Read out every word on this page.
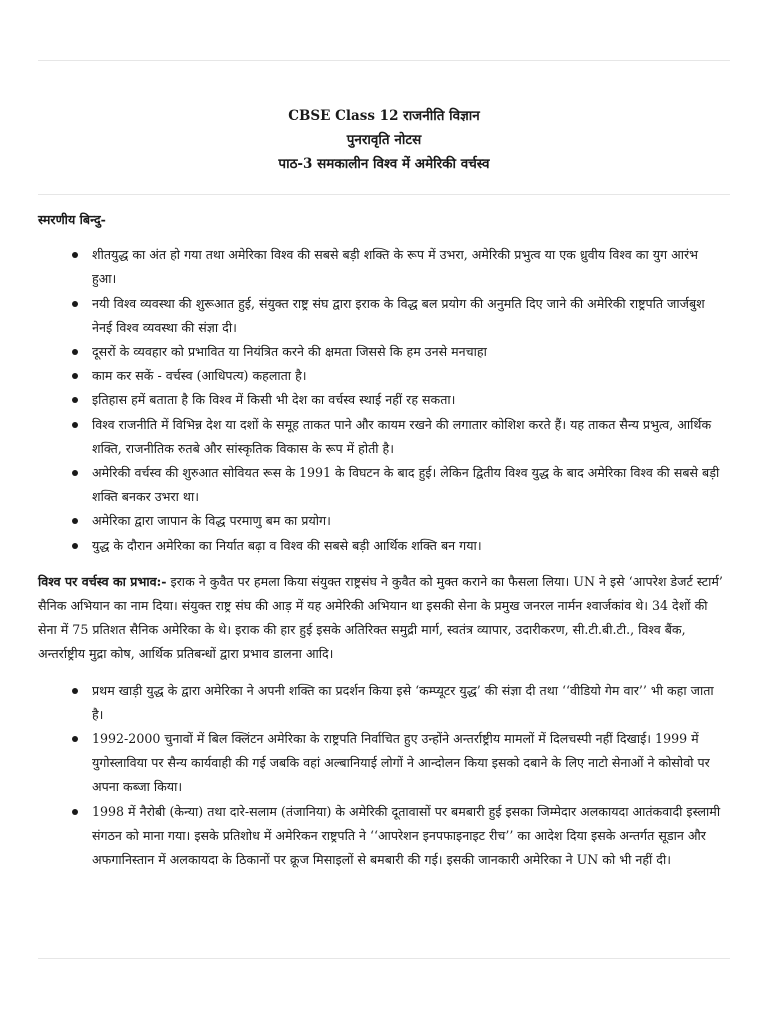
CBSE Class 12 राजनीति विज्ञान
पुनरावृति नोटस
पाठ-3 समकालीन विश्व में अमेरिकी वर्चस्व
स्मरणीय बिन्दु-
शीतयुद्ध का अंत हो गया तथा अमेरिका विश्व की सबसे बड़ी शक्ति के रूप में उभरा, अमेरिकी प्रभुत्व या एक ध्रुवीय विश्व का युग आरंभ हुआ।
नयी विश्व व्यवस्था की शुरूआत हुई, संयुक्त राष्ट्र संघ द्वारा इराक के विद्ध बल प्रयोग की अनुमति दिए जाने की अमेरिकी राष्ट्रपति जार्जबुश नेनई विश्व व्यवस्था की संज्ञा दी।
दूसरों के व्यवहार को प्रभावित या नियंत्रित करने की क्षमता जिससे कि हम उनसे मनचाहा
काम कर सकें - वर्चस्व (आधिपत्य) कहलाता है।
इतिहास हमें बताता है कि विश्व में किसी भी देश का वर्चस्व स्थाई नहीं रह सकता।
विश्व राजनीति में विभिन्न देश या दशों के समूह ताकत पाने और कायम रखने की लगातार कोशिश करते हैं। यह ताकत सैन्य प्रभुत्व, आर्थिक शक्ति, राजनीतिक रुतबे और सांस्कृतिक विकास के रूप में होती है।
अमेरिकी वर्चस्व की शुरुआत सोवियत रूस के 1991 के विघटन के बाद हुई। लेकिन द्वितीय विश्व युद्ध के बाद अमेरिका विश्व की सबसे बड़ी शक्ति बनकर उभरा था।
अमेरिका द्वारा जापान के विद्ध परमाणु बम का प्रयोग।
युद्ध के दौरान अमेरिका का निर्यात बढ़ा व विश्व की सबसे बड़ी आर्थिक शक्ति बन गया।

विश्व पर वर्चस्व का प्रभाव:- इराक ने कुवैत पर हमला किया संयुक्त राष्ट्रसंघ ने कुवैत को मुक्त कराने का फैसला लिया। UN ने इसे ‘आपरेश डेजर्ट स्टार्म’ सैनिक अभियान का नाम दिया। संयुक्त राष्ट्र संघ की आड़ में यह अमेरिकी अभियान था इसकी सेना के प्रमुख जनरल नार्मन श्वार्जकांव थे। 34 देशों की सेना में 75 प्रतिशत सैनिक अमेरिका के थे। इराक की हार हुई इसके अतिरिक्त समुद्री मार्ग, स्वतंत्र व्यापार, उदारीकरण, सी.टी.बी.टी., विश्व बैंक, अन्तर्राष्ट्रीय मुद्रा कोष, आर्थिक प्रतिबन्धों द्वारा प्रभाव डालना आदि।

प्रथम खाड़ी युद्ध के द्वारा अमेरिका ने अपनी शक्ति का प्रदर्शन किया इसे ‘कम्प्यूटर युद्ध’ की संज्ञा दी तथा ‘‘वीडियो गेम वार’’ भी कहा जाता है।
1992-2000 चुनावों में बिल क्लिंटन अमेरिका के राष्ट्रपति निर्वाचित हुए उन्होंने अन्तर्राष्ट्रीय मामलों में दिलचस्पी नहीं दिखाई। 1999 में युगोस्लाविया पर सैन्य कार्यवाही की गई जबकि वहां अल्बानियाई लोगों ने आन्दोलन किया इसको दबाने के लिए नाटो सेनाओं ने कोसोवो पर अपना कब्जा किया।
1998 में नैरोबी (केन्या) तथा दारे-सलाम (तंजानिया) के अमेरिकी दूतावासों पर बमबारी हुई इसका जिम्मेदार अलकायदा आतंकवादी इस्लामी संगठन को माना गया। इसके प्रतिशोध में अमेरिकन राष्ट्रपति ने ‘‘आपरेशन इनपफाइनाइट रीच’’ का आदेश दिया इसके अन्तर्गत सूडान और अफगानिस्तान में अलकायदा के ठिकानों पर क्रूज मिसाइलों से बमबारी की गई। इसकी जानकारी अमेरिका ने UN को भी नहीं दी।
